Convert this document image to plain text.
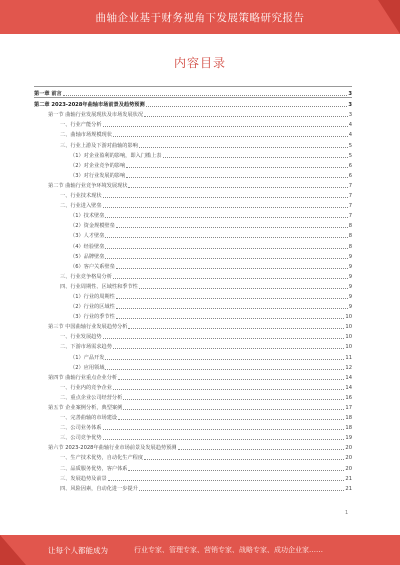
曲轴企业基于财务视角下发展策略研究报告
内容目录
第一章 前言	3
第二章 2023-2028年曲轴市场前景及趋势预测	3
第一节 曲轴行业发展现状及市场发展状况	3
一、行业产能分析	4
二、曲轴市场规模现状	4
三、行业上游及下游对曲轴的影响	5
（1）对企业盈利的影响，即入门槛上表	5
（2）对企业竞争的影响	6
（3）对行业发展的影响	6
第二节 曲轴行业竞争环境发展现状	7
一、行业技术现状	7
二、行业进入壁垒	7
（1）技术壁垒	7
（2）资金规模壁垒	8
（3）人才壁垒	8
（4）经验壁垒	8
（5）品牌壁垒	9
（6）客户关系壁垒	9
三、行业竞争格局分析	9
四、行业周期性、区域性和季节性	9
（1）行业的周期性	9
（2）行业的区域性	9
（3）行业的季节性	10
第三节 中国曲轴行业发展趋势分析	10
一、行业发展趋势	10
二、下游市场需求趋势	10
（1）产品开发	11
（2）应用领域	12
第四节 曲轴行业重点企业分析	14
一、行业内的竞争企业	14
二、重点企业公司经营分析	16
第五节 企业案例分析，典型案例	17
一、完善曲轴的市场建设	18
二、公司业务体系	18
三、公司竞争优势	19
第六节 2023-2028年曲轴行业市场前景及发展趋势预测	20
一、生产技术优势，自动化生产程度	20
二、品质服务优势，客户体系	20
三、发展趋势及前景	21
四、风险因素，自动化进一步提升	21
1
让每个人都能成为	行业专家、管理专家、营销专家、战略专家、成功企业家……
